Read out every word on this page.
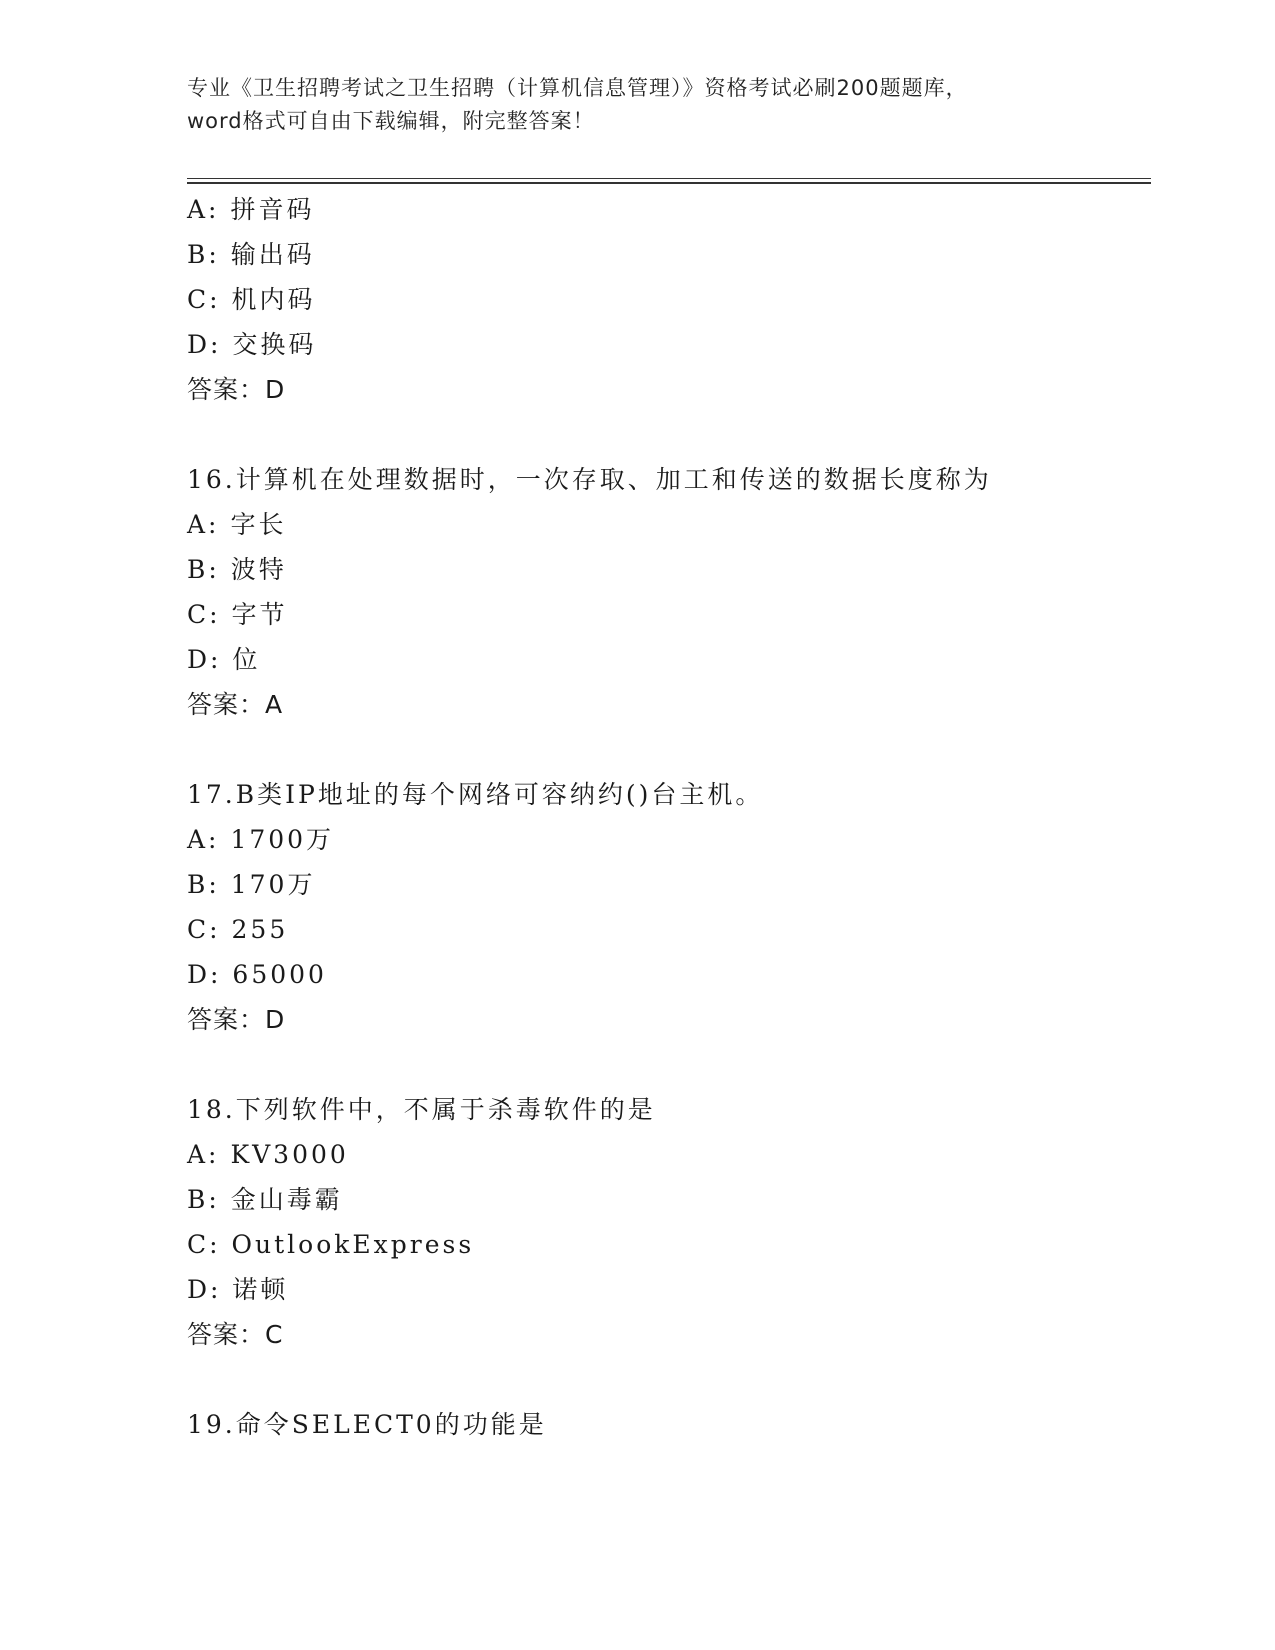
专业《卫生招聘考试之卫生招聘（计算机信息管理）》资格考试必刷200题题库，
word格式可自由下载编辑，附完整答案！
A: 拼音码
B: 输出码
C: 机内码
D: 交换码
答案：D
16.计算机在处理数据时，一次存取、加工和传送的数据长度称为
A: 字长
B: 波特
C: 字节
D: 位
答案：A
17.B类IP地址的每个网络可容纳约()台主机。
A: 1700万
B: 170万
C: 255
D: 65000
答案：D
18.下列软件中，不属于杀毒软件的是
A: KV3000
B: 金山毒霸
C: OutlookExpress
D: 诺顿
答案：C
19.命令SELECT0的功能是
